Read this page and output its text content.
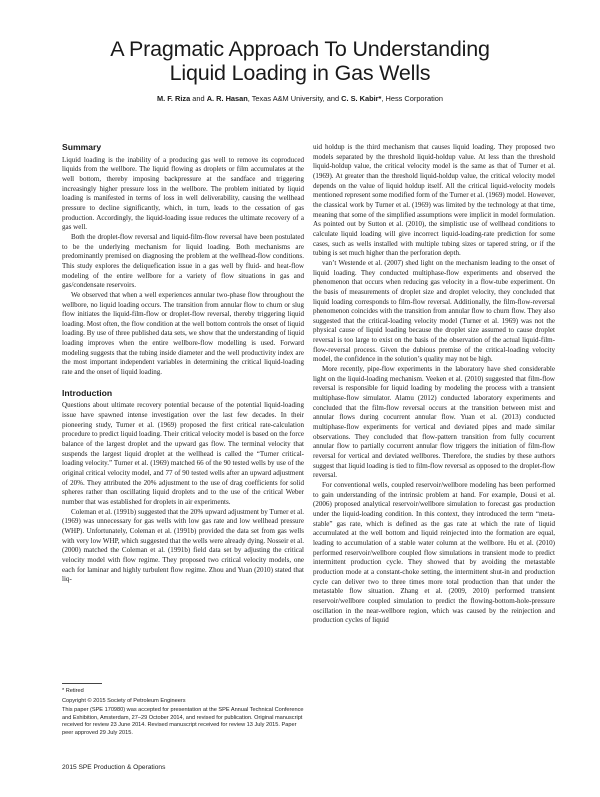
A Pragmatic Approach To Understanding
Liquid Loading in Gas Wells
M. F. Riza and A. R. Hasan, Texas A&M University, and C. S. Kabir*, Hess Corporation
Summary

Liquid loading is the inability of a producing gas well to remove its coproduced liquids from the wellbore. The liquid flowing as droplets or film accumulates at the well bottom, thereby imposing backpressure at the sandface and triggering increasingly higher pressure loss in the wellbore. The problem initiated by liquid loading is manifested in terms of loss in well deliverability, causing the wellhead pressure to decline significantly, which, in turn, leads to the cessation of gas production. Accordingly, the liquid-loading issue reduces the ultimate recovery of a gas well.

Both the droplet-flow reversal and liquid-film-flow reversal have been postulated to be the underlying mechanism for liquid loading. Both mechanisms are predominantly premised on diagnosing the problem at the wellhead-flow conditions. This study explores the deliquefication issue in a gas well by fluid- and heat-flow modeling of the entire wellbore for a variety of flow situations in gas and gas/condensate reservoirs.

We observed that when a well experiences annular two-phase flow throughout the wellbore, no liquid loading occurs. The transition from annular flow to churn or slug flow initiates the liquid-film-flow or droplet-flow reversal, thereby triggering liquid loading. Most often, the flow condition at the well bottom controls the onset of liquid loading. By use of three published data sets, we show that the understanding of liquid loading improves when the entire wellbore-flow modelling is used. Forward modeling suggests that the tubing inside diameter and the well productivity index are the most important independent variables in determining the critical liquid-loading rate and the onset of liquid loading.

Introduction

Questions about ultimate recovery potential because of the potential liquid-loading issue have spawned intense investigation over the last few decades. In their pioneering study, Turner et al. (1969) proposed the first critical rate-calculation procedure to predict liquid loading. Their critical velocity model is based on the force balance of the largest droplet and the upward gas flow. The terminal velocity that suspends the largest liquid droplet at the wellhead is called the “Turner critical-loading velocity.” Turner et al. (1969) matched 66 of the 90 tested wells by use of the original critical velocity model, and 77 of 90 tested wells after an upward adjustment of 20%. They attributed the 20% adjustment to the use of drag coefficients for solid spheres rather than oscillating liquid droplets and to the use of the critical Weber number that was established for droplets in air experiments.

Coleman et al. (1991b) suggested that the 20% upward adjustment by Turner et al. (1969) was unnecessary for gas wells with low gas rate and low wellhead pressure (WHP). Unfortunately, Coleman et al. (1991b) provided the data set from gas wells with very low WHP, which suggested that the wells were already dying. Nosseir et al. (2000) matched the Coleman et al. (1991b) field data set by adjusting the critical velocity model with flow regime. They proposed two critical velocity models, one each for laminar and highly turbulent flow regime. Zhou and Yuan (2010) stated that liq-

* Retired

Copyright © 2015 Society of Petroleum Engineers

This paper (SPE 170980) was accepted for presentation at the SPE Annual Technical Conference and Exhibition, Amsterdam, 27–29 October 2014, and revised for publication. Original manuscript received for review 23 June 2014. Revised manuscript received for review 13 July 2015. Paper peer approved 29 July 2015.

uid holdup is the third mechanism that causes liquid loading. They proposed two models separated by the threshold liquid-holdup value. At less than the threshold liquid-holdup value, the critical velocity model is the same as that of Turner et al. (1969). At greater than the threshold liquid-holdup value, the critical velocity model depends on the value of liquid holdup itself. All the critical liquid-velocity models mentioned represent some modified form of the Turner et al. (1969) model. However, the classical work by Turner et al. (1969) was limited by the technology at that time, meaning that some of the simplified assumptions were implicit in model formulation. As pointed out by Sutton et al. (2010), the simplistic use of wellhead conditions to calculate liquid loading will give incorrect liquid-loading-rate prediction for some cases, such as wells installed with multiple tubing sizes or tapered string, or if the tubing is set much higher than the perforation depth.

van’t Westende et al. (2007) shed light on the mechanism leading to the onset of liquid loading. They conducted multiphase-flow experiments and observed the phenomenon that occurs when reducing gas velocity in a flow-tube experiment. On the basis of measurements of droplet size and droplet velocity, they concluded that liquid loading corresponds to film-flow reversal. Additionally, the film-flow-reversal phenomenon coincides with the transition from annular flow to churn flow. They also suggested that the critical-loading velocity model (Turner et al. 1969) was not the physical cause of liquid loading because the droplet size assumed to cause droplet reversal is too large to exist on the basis of the observation of the actual liquid-film-flow-reversal process. Given the dubious premise of the critical-loading velocity model, the confidence in the solution’s quality may not be high.

More recently, pipe-flow experiments in the laboratory have shed considerable light on the liquid-loading mechanism. Veeken et al. (2010) suggested that film-flow reversal is responsible for liquid loading by modeling the process with a transient multiphase-flow simulator. Alamu (2012) conducted laboratory experiments and concluded that the film-flow reversal occurs at the transition between mist and annular flows during cocurrent annular flow. Yuan et al. (2013) conducted multiphase-flow experiments for vertical and deviated pipes and made similar observations. They concluded that flow-pattern transition from fully cocurrent annular flow to partially cocurrent annular flow triggers the initiation of film-flow reversal for vertical and deviated wellbores. Therefore, the studies by these authors suggest that liquid loading is tied to film-flow reversal as opposed to the droplet-flow reversal.

For conventional wells, coupled reservoir/wellbore modeling has been performed to gain understanding of the intrinsic problem at hand. For example, Dousi et al. (2006) proposed analytical reservoir/wellbore simulation to forecast gas production under the liquid-loading condition. In this context, they introduced the term “meta-stable” gas rate, which is defined as the gas rate at which the rate of liquid accumulated at the well bottom and liquid reinjected into the formation are equal, leading to accumulation of a stable water column at the wellbore. Hu et al. (2010) performed reservoir/wellbore coupled flow simulations in transient mode to predict intermittent production cycle. They showed that by avoiding the metastable production mode at a constant-choke setting, the intermittent shut-in and production cycle can deliver two to three times more total production than that under the metastable flow situation. Zhang et al. (2009, 2010) performed transient reservoir/wellbore coupled simulation to predict the flowing-bottom-hole-pressure oscillation in the near-wellbore region, which was caused by the reinjection and production cycles of liquid

2015 SPE Production & Operations
